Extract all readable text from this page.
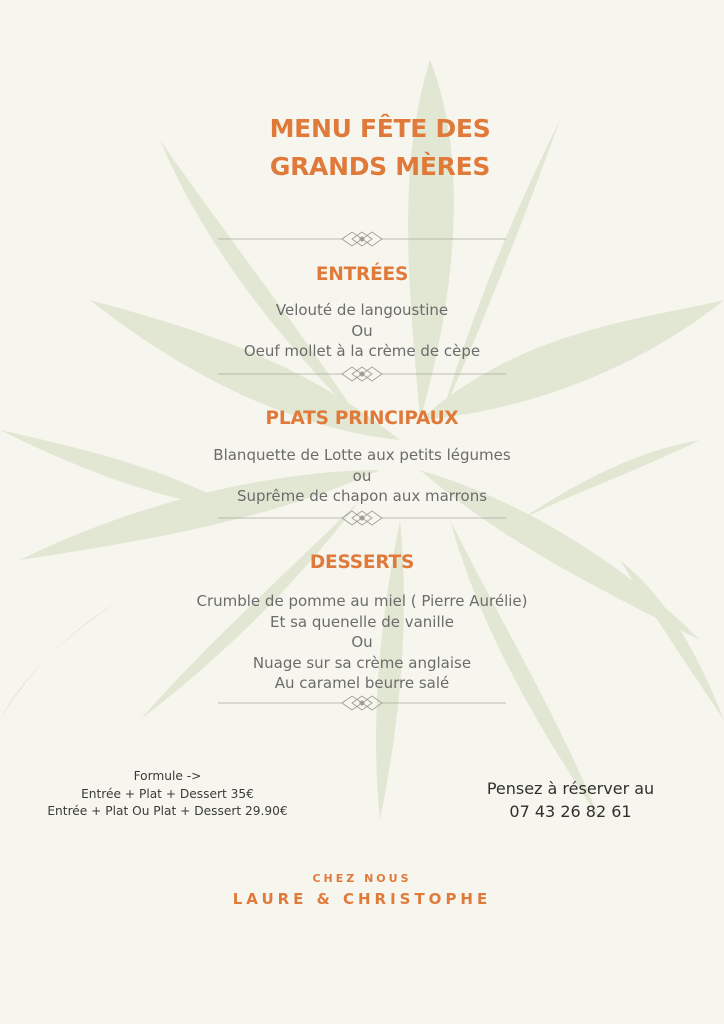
MENU FÊTE DES
GRANDS MÈRES
ENTRÉES
Velouté de langoustine
Ou
Oeuf mollet à la crème de cèpe
PLATS PRINCIPAUX
Blanquette de Lotte aux petits légumes
ou
Suprême de chapon aux marrons
DESSERTS
Crumble de pomme au miel ( Pierre Aurélie)
Et sa quenelle de vanille
Ou
Nuage sur sa crème anglaise
Au caramel beurre salé
Formule ->
Entrée + Plat + Dessert 35€
Entrée + Plat Ou Plat + Dessert 29.90€
Pensez à réserver au
07 43 26 82 61
CHEZ NOUS
LAURE & CHRISTOPHE
